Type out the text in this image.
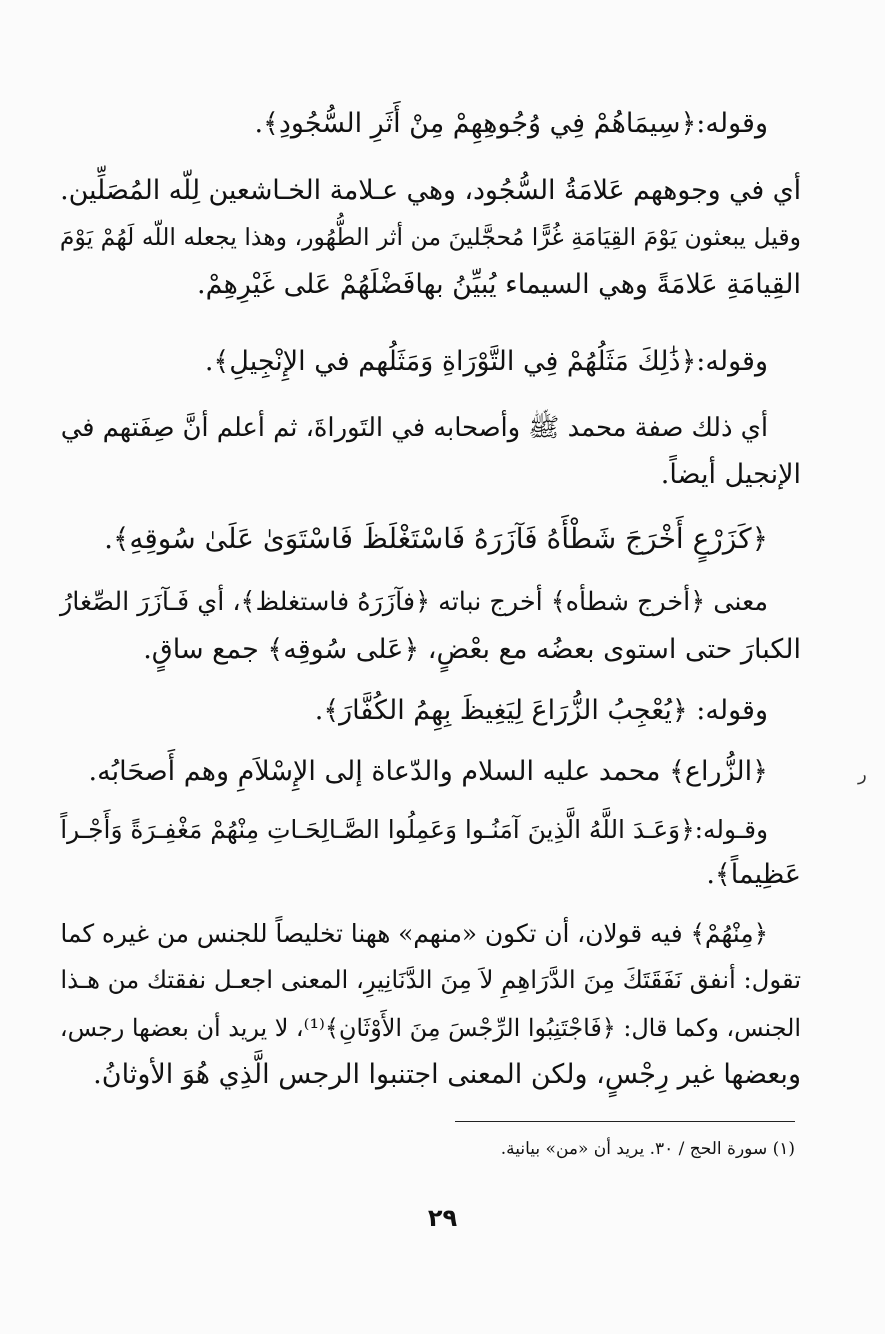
وقوله:﴿سِيمَاهُمْ فِي وُجُوهِهِمْ مِنْ أَثَرِ السُّجُودِ﴾.
أي في وجوههم عَلامَةُ السُّجُود، وهي عـلامة الخـاشعين لِلّه المُصَلِّين.
وقيل يبعثون يَوْمَ القِيَامَةِ غُرًّا مُحجَّلينَ من أثر الطُّهُور، وهذا يجعله اللّه لَهُمْ يَوْمَ
القِيامَةِ عَلامَةً وهي السيماء يُبيِّنُ بهافَضْلَهُمْ عَلى غَيْرِهِمْ.
وقوله:﴿ذَٰلِكَ مَثَلُهُمْ فِي التَّوْرَاةِ وَمَثَلُهم في الإِنْجِيلِ﴾.
أي ذلك صفة محمد ﷺ وأصحابه في التَوراةَ، ثم أعلم أنَّ صِفَتهم في
الإنجيل أيضاً.
﴿كَزَرْعٍ أَخْرَجَ شَطْأَهُ فَآزَرَهُ فَاسْتَغْلَظَ فَاسْتَوَىٰ عَلَىٰ سُوقِهِ﴾.
معنى ﴿أخرج شطأه﴾ أخرج نباته ﴿فآزَرَهُ فاستغلظ﴾، أي فَـآزَرَ الصِّغارُ
الكبارَ حتى استوى بعضُه مع بعْضٍ، ﴿عَلى سُوقِه﴾ جمع ساقٍ.
وقوله: ﴿يُعْجِبُ الزُّرَاعَ لِيَغِيظَ بِهِمُ الكُفَّارَ﴾.
﴿الزُّراع﴾ محمد عليه السلام والدّعاة إلى الإِسْلاَمِ وهم أَصحَابُه.
وقـوله:﴿وَعَـدَ اللَّهُ الَّذِينَ آمَنُـوا وَعَمِلُوا الصَّـالِحَـاتِ مِنْهُمْ مَغْفِـرَةً وَأَجْـراً
عَظِيماً﴾.
﴿مِنْهُمْ﴾ فيه قولان، أن تكون «منهم» ههنا تخليصاً للجنس من غيره كما
تقول: أنفق نَفَقَتَكَ مِنَ الدَّرَاهِمِ لاَ مِنَ الدَّنَانِيرِ، المعنى اجعـل نفقتك من هـذا
الجنس، وكما قال: ﴿فَاجْتَنِبُوا الرِّجْسَ مِنَ الأَوْثَانِ﴾⁽¹⁾، لا يريد أن بعضها رجس،
وبعضها غير رِجْسٍ، ولكن المعنى اجتنبوا الرجس الَّذِي هُوَ الأوثانُ.
(١) سورة الحج / ٣٠. يريد أن «من» بيانية.
٢٩
ر
